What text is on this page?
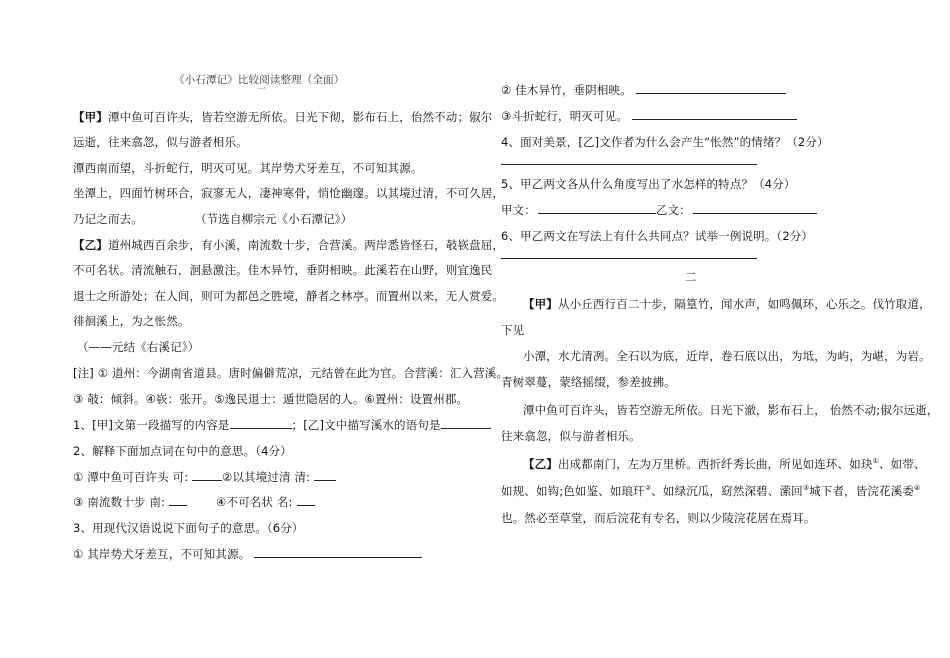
《小石潭记》比较阅读整理（全面）
一
【甲】潭中鱼可百许头，皆若空游无所依。日光下彻，影布石上，佁然不动；俶尔
远逝，往来翕忽，似与游者相乐。
潭西南而望，斗折蛇行，明灭可见。其岸势犬牙差互，不可知其源。
坐潭上，四面竹树环合，寂寥无人，凄神寒骨，悄怆幽邃。以其境过清，不可久居，
乃记之而去。	（节选自柳宗元《小石潭记》）
【乙】道州城西百余步，有小溪，南流数十步，合营溪。两岸悉皆怪石，攲嵚盘屈，
不可名状。清流触石，洄悬激注。佳木异竹，垂阴相映。此溪若在山野，则宜逸民
退士之所游处；在人间，则可为都邑之胜境，静者之林亭。而置州以来，无人赏爱。
徘徊溪上，为之怅然。
（——元结《右溪记》）
[注] ① 道州：今湖南省道县。唐时偏僻荒凉，元结曾在此为官。合营溪：汇入营溪。
③ 攲：倾斜。④嵚：张开。⑤逸民退士：遁世隐居的人。⑥置州：设置州郡。
1、[甲]文第一段描写的内容是	；[乙]文中描写溪水的语句是
2、解释下面加点词在句中的意思。（4分）
① 潭中鱼可百许头 可:	②以其境过清 清:
③ 南流数十步 南:	④不可名状 名:
3、用现代汉语说说下面句子的意思。（6分）
① 其岸势犬牙差互，不可知其源。
② 佳木异竹，垂阴相映。
③斗折蛇行，明灭可见。
4、面对美景，[乙]文作者为什么会产生“怅然”的情绪？（2分）
5、甲乙两文各从什么角度写出了水怎样的特点？（4分）
甲文：	乙文：
6、甲乙两文在写法上有什么共同点？试举一例说明。（2分）
二
【甲】从小丘西行百二十步，隔篁竹，闻水声，如鸣佩环，心乐之。伐竹取道，
下见
小潭，水尤清冽。全石以为底，近岸，卷石底以出，为坻，为屿，为嵁，为岩。
青树翠蔓，蒙络摇缀，参差披拂。
潭中鱼可百许头，皆若空游无所依。日光下澈，影布石上， 佁然不动;俶尔远逝，
往来翕忽，似与游者相乐。
【乙】出成都南门，左为万里桥。西折纤秀长曲，所见如连环、如玦①、如带、
如规、如钩;色如鉴、如琅玕②、如绿沉瓜，窈然深碧、潆回③城下者，皆浣花溪委④
也。然必至草堂，而后浣花有专名，则以少陵浣花居在焉耳。
